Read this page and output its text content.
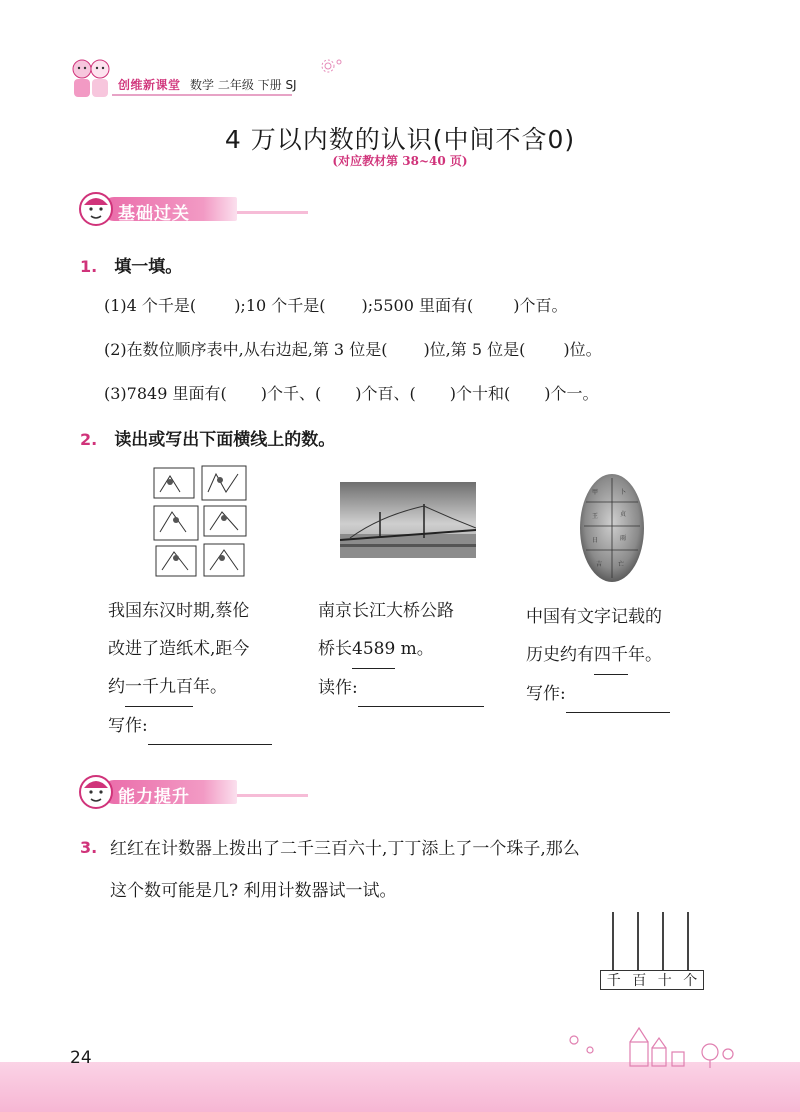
创维新课堂 数学 二年级 下册 SJ
4 万以内数的认识(中间不含0)
(对应教材第 38~40 页)
基础过关
1. 填一填。
(1)4 个千是( );10 个千是( );5500 里面有(	)个百。
(2)在数位顺序表中,从右边起,第 3 位是( )位,第 5 位是( )位。
(3)7849 里面有( )个千、( )个百、( )个十和( )个一。
2. 读出或写出下面横线上的数。
甲	卜
王	贞
日	雨
吉	亡
我国东汉时期,蔡伦
改进了造纸术,距今
约一千九百年。
写作:
南京长江大桥公路
桥长4589 m。
读作:
中国有文字记载的
历史约有四千年。
写作:
能力提升
3. 红红在计数器上拨出了二千三百六十,丁丁添上了一个珠子,那么
这个数可能是几? 利用计数器试一试。
千 百 十 个
24
